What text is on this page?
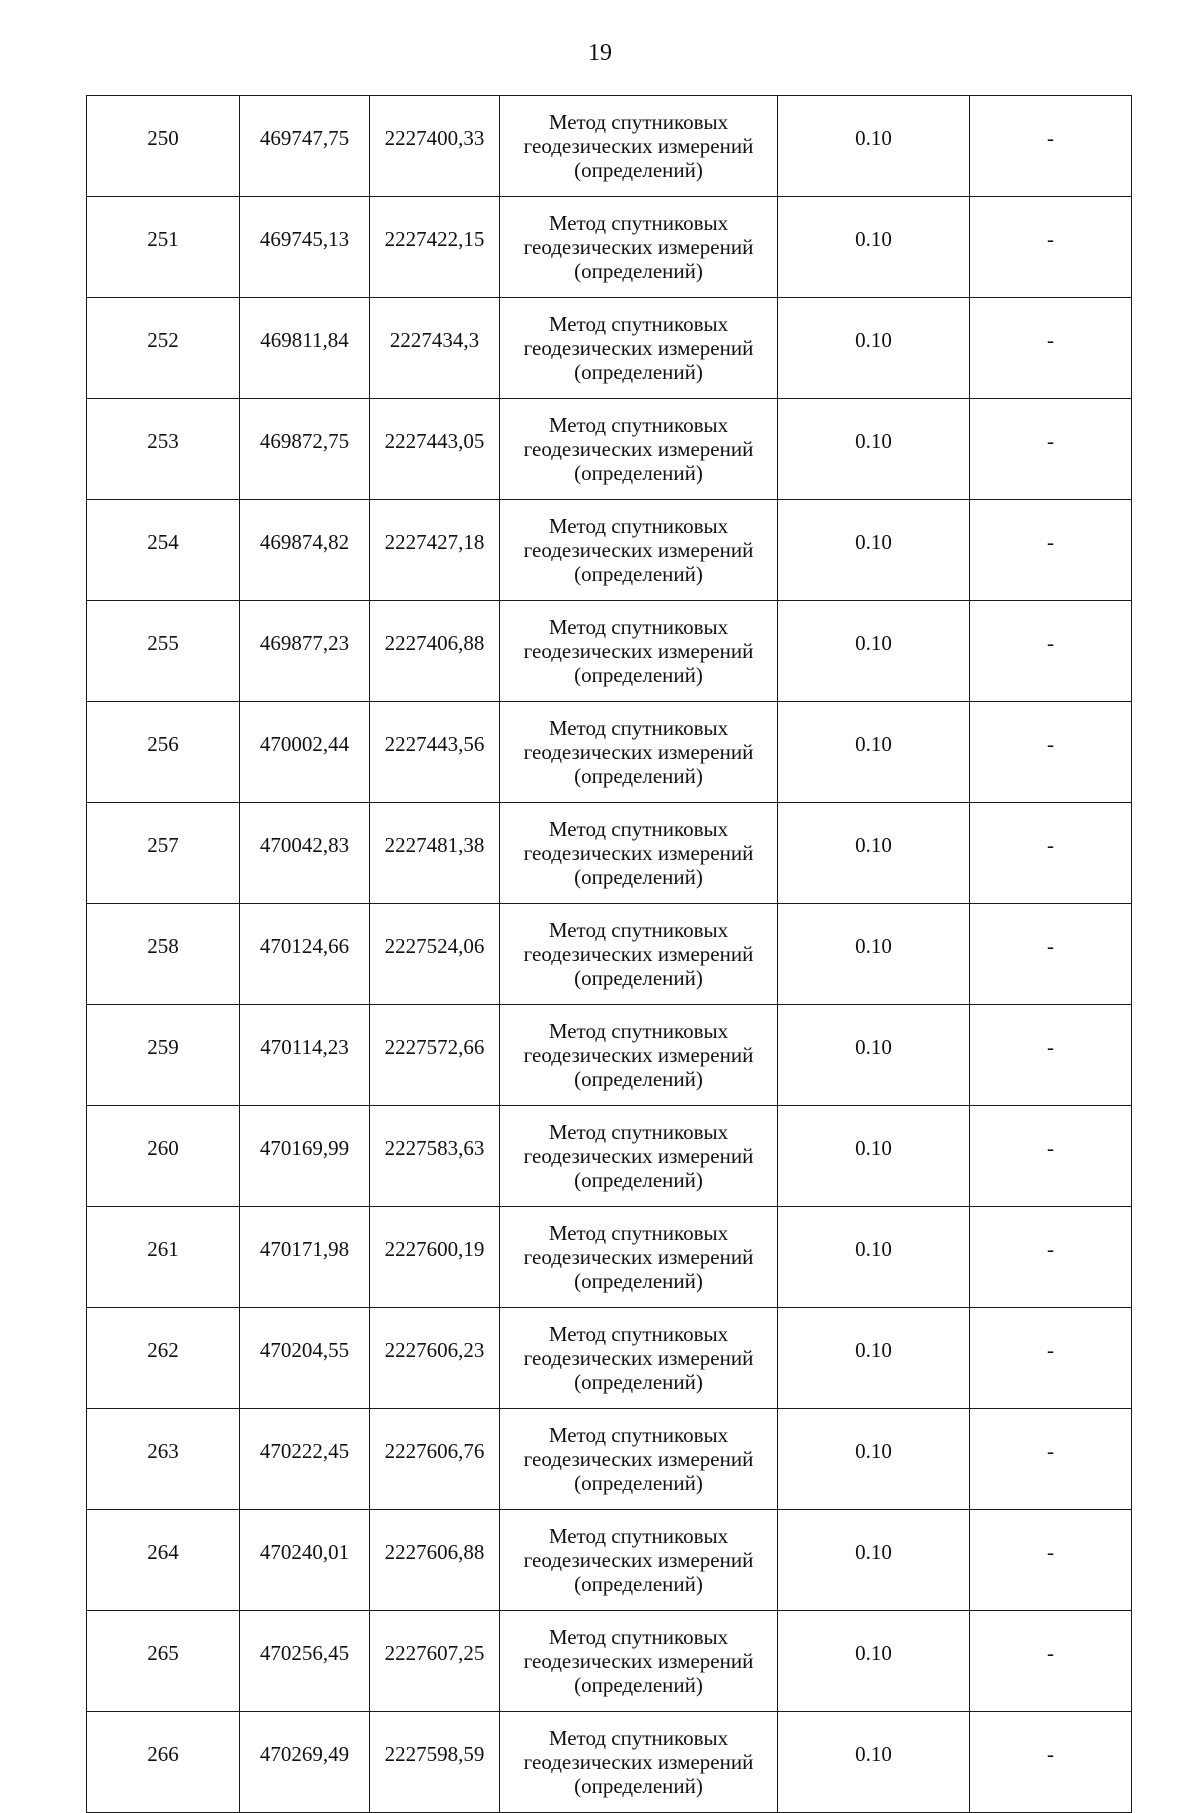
19
250	469747,75	2227400,33	Метод спутниковых
геодезических измерений
(определений)	0.10	-
251	469745,13	2227422,15	Метод спутниковых
геодезических измерений
(определений)	0.10	-
252	469811,84	2227434,3	Метод спутниковых
геодезических измерений
(определений)	0.10	-
253	469872,75	2227443,05	Метод спутниковых
геодезических измерений
(определений)	0.10	-
254	469874,82	2227427,18	Метод спутниковых
геодезических измерений
(определений)	0.10	-
255	469877,23	2227406,88	Метод спутниковых
геодезических измерений
(определений)	0.10	-
256	470002,44	2227443,56	Метод спутниковых
геодезических измерений
(определений)	0.10	-
257	470042,83	2227481,38	Метод спутниковых
геодезических измерений
(определений)	0.10	-
258	470124,66	2227524,06	Метод спутниковых
геодезических измерений
(определений)	0.10	-
259	470114,23	2227572,66	Метод спутниковых
геодезических измерений
(определений)	0.10	-
260	470169,99	2227583,63	Метод спутниковых
геодезических измерений
(определений)	0.10	-
261	470171,98	2227600,19	Метод спутниковых
геодезических измерений
(определений)	0.10	-
262	470204,55	2227606,23	Метод спутниковых
геодезических измерений
(определений)	0.10	-
263	470222,45	2227606,76	Метод спутниковых
геодезических измерений
(определений)	0.10	-
264	470240,01	2227606,88	Метод спутниковых
геодезических измерений
(определений)	0.10	-
265	470256,45	2227607,25	Метод спутниковых
геодезических измерений
(определений)	0.10	-
266	470269,49	2227598,59	Метод спутниковых
геодезических измерений
(определений)	0.10	-
